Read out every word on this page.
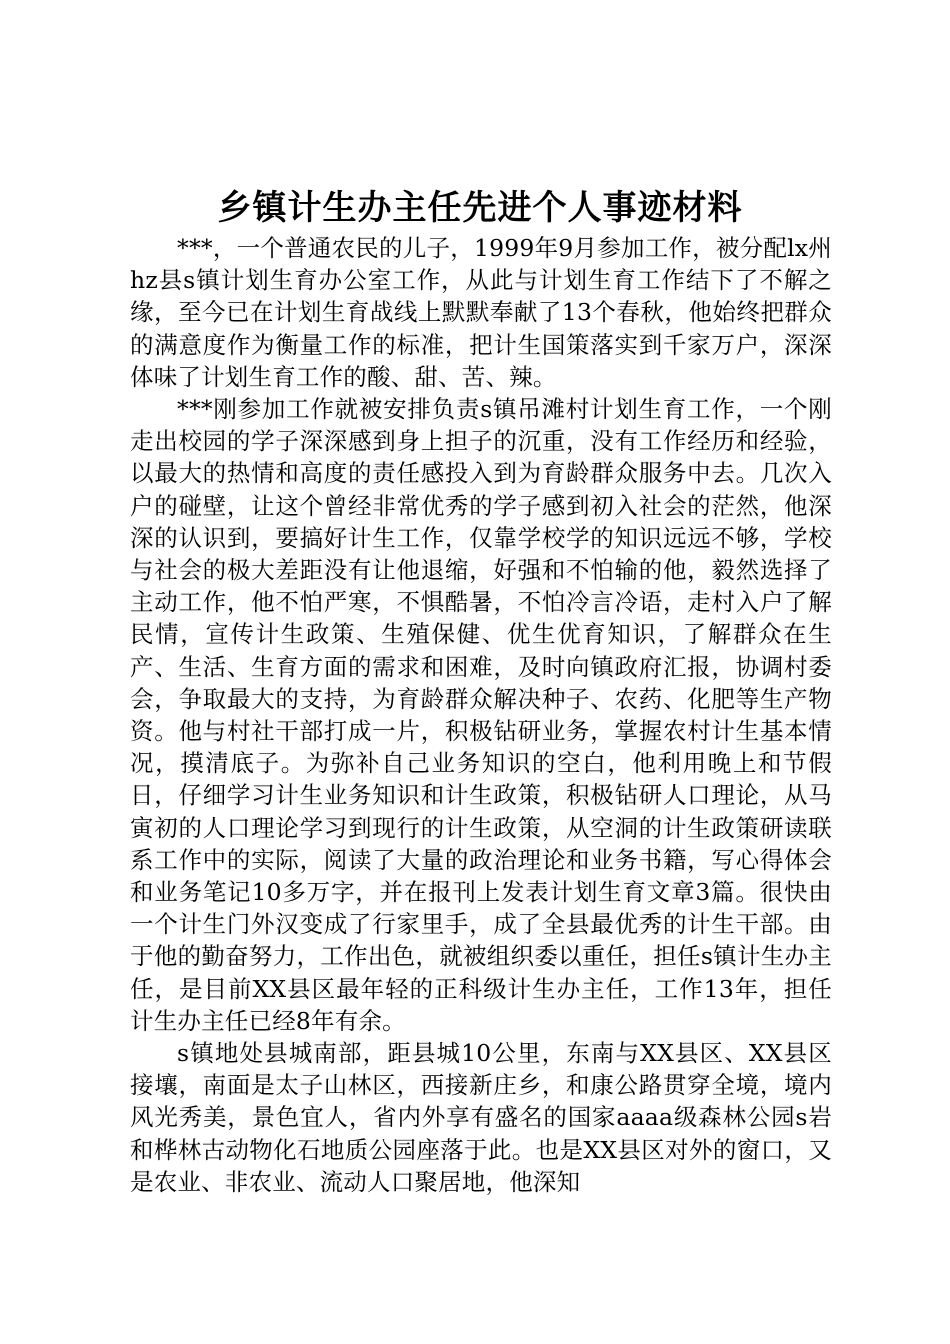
乡镇计生办主任先进个人事迹材料

***，一个普通农民的儿子，1999年9月参加工作，被分配lx州hz县s镇计划生育办公室工作，从此与计划生育工作结下了不解之缘，至今已在计划生育战线上默默奉献了13个春秋，他始终把群众的满意度作为衡量工作的标准，把计生国策落实到千家万户，深深体味了计划生育工作的酸、甜、苦、辣。

***刚参加工作就被安排负责s镇吊滩村计划生育工作，一个刚走出校园的学子深深感到身上担子的沉重，没有工作经历和经验，以最大的热情和高度的责任感投入到为育龄群众服务中去。几次入户的碰壁，让这个曾经非常优秀的学子感到初入社会的茫然，他深深的认识到，要搞好计生工作，仅靠学校学的知识远远不够，学校与社会的极大差距没有让他退缩，好强和不怕输的他，毅然选择了主动工作，他不怕严寒，不惧酷暑，不怕冷言冷语，走村入户了解民情，宣传计生政策、生殖保健、优生优育知识，了解群众在生产、生活、生育方面的需求和困难，及时向镇政府汇报，协调村委会，争取最大的支持，为育龄群众解决种子、农药、化肥等生产物资。他与村社干部打成一片，积极钻研业务，掌握农村计生基本情况，摸清底子。为弥补自己业务知识的空白，他利用晚上和节假日，仔细学习计生业务知识和计生政策，积极钻研人口理论，从马寅初的人口理论学习到现行的计生政策，从空洞的计生政策研读联系工作中的实际，阅读了大量的政治理论和业务书籍，写心得体会和业务笔记10多万字，并在报刊上发表计划生育文章3篇。很快由一个计生门外汉变成了行家里手，成了全县最优秀的计生干部。由于他的勤奋努力，工作出色，就被组织委以重任，担任s镇计生办主任，是目前XX县区最年轻的正科级计生办主任，工作13年，担任计生办主任已经8年有余。

s镇地处县城南部，距县城10公里，东南与XX县区、XX县区接壤，南面是太子山林区，西接新庄乡，和康公路贯穿全境，境内风光秀美，景色宜人，省内外享有盛名的国家aaaa级森林公园s岩和桦林古动物化石地质公园座落于此。也是XX县区对外的窗口，又是农业、非农业、流动人口聚居地，他深知
